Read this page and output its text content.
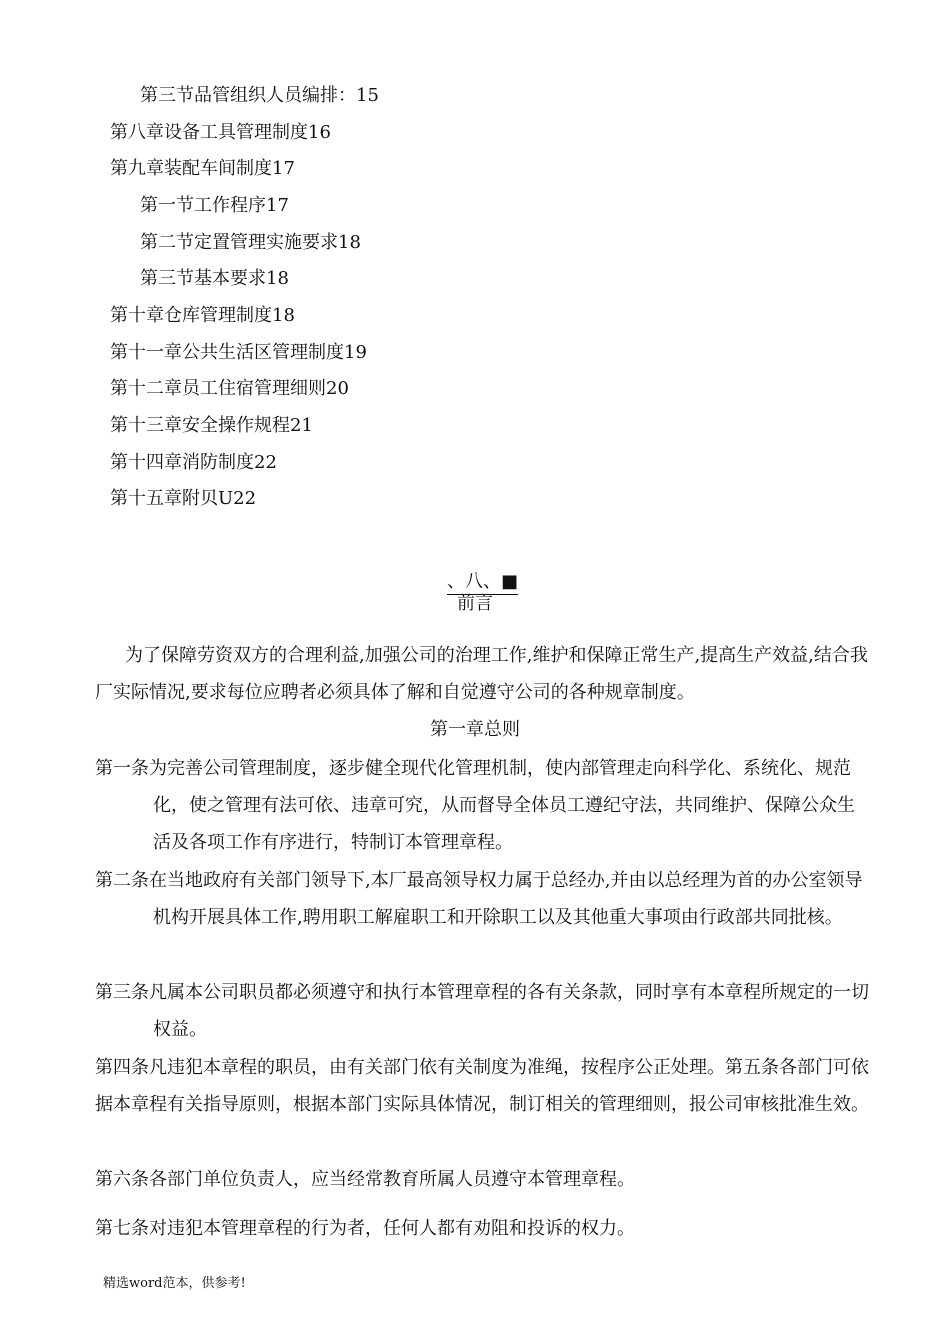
第三节品管组织人员编排：15
第八章设备工具管理制度16
第九章装配车间制度17
第一节工作程序17
第二节定置管理实施要求18
第三节基本要求18
第十章仓库管理制度18
第十一章公共生活区管理制度19
第十二章员工住宿管理细则20
第十三章安全操作规程21
第十四章消防制度22
第十五章附贝U22
、八、■
前言
为了保障劳资双方的合理利益,加强公司的治理工作,维护和保障正常生产,提高生产效益,结合我厂实际情况,要求每位应聘者必须具体了解和自觉遵守公司的各种规章制度。
第一章总则
第一条为完善公司管理制度，逐步健全现代化管理机制，使内部管理走向科学化、系统化、规范化，使之管理有法可依、违章可究，从而督导全体员工遵纪守法，共同维护、保障公众生活及各项工作有序进行，特制订本管理章程。
第二条在当地政府有关部门领导下,本厂最高领导权力属于总经办,并由以总经理为首的办公室领导机构开展具体工作,聘用职工解雇职工和开除职工以及其他重大事项由行政部共同批核。
第三条凡属本公司职员都必须遵守和执行本管理章程的各有关条款，同时享有本章程所规定的一切权益。
第四条凡违犯本章程的职员，由有关部门依有关制度为准绳，按程序公正处理。第五条各部门可依据本章程有关指导原则，根据本部门实际具体情况，制订相关的管理细则，报公司审核批准生效。
第六条各部门单位负责人，应当经常教育所属人员遵守本管理章程。
第七条对违犯本管理章程的行为者，任何人都有劝阻和投诉的权力。
精选word范本，供参考!
